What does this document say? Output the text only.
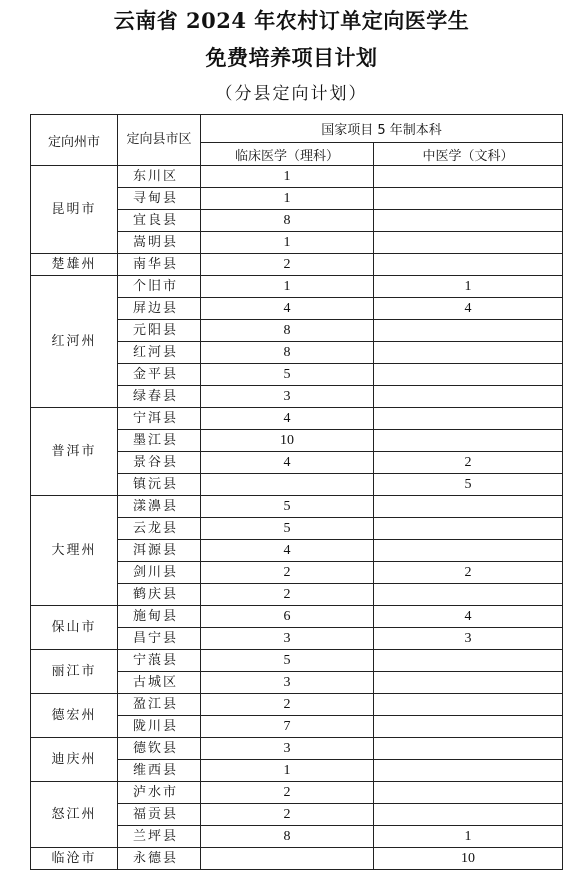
云南省 2024 年农村订单定向医学生
免费培养项目计划
（分县定向计划）
定向州市	定向县市区	国家项目 5 年制本科	
		临床医学（理科）	中医学（文科）
昆明市	东川区	1	
	寻甸县	1	
	宜良县	8	
	嵩明县	1	
楚雄州	南华县	2	
红河州	个旧市	1	1
	屏边县	4	4
	元阳县	8	
	红河县	8	
	金平县	5	
	绿春县	3	
普洱市	宁洱县	4	
	墨江县	10	
	景谷县	4	2
	镇沅县		5
大理州	漾濞县	5	
	云龙县	5	
	洱源县	4	
	剑川县	2	2
	鹤庆县	2	
保山市	施甸县	6	4
	昌宁县	3	3
丽江市	宁蒗县	5	
	古城区	3	
德宏州	盈江县	2	
	陇川县	7	
迪庆州	德钦县	3	
	维西县	1	
怒江州	泸水市	2	
	福贡县	2	
	兰坪县	8	1
临沧市	永德县		10
